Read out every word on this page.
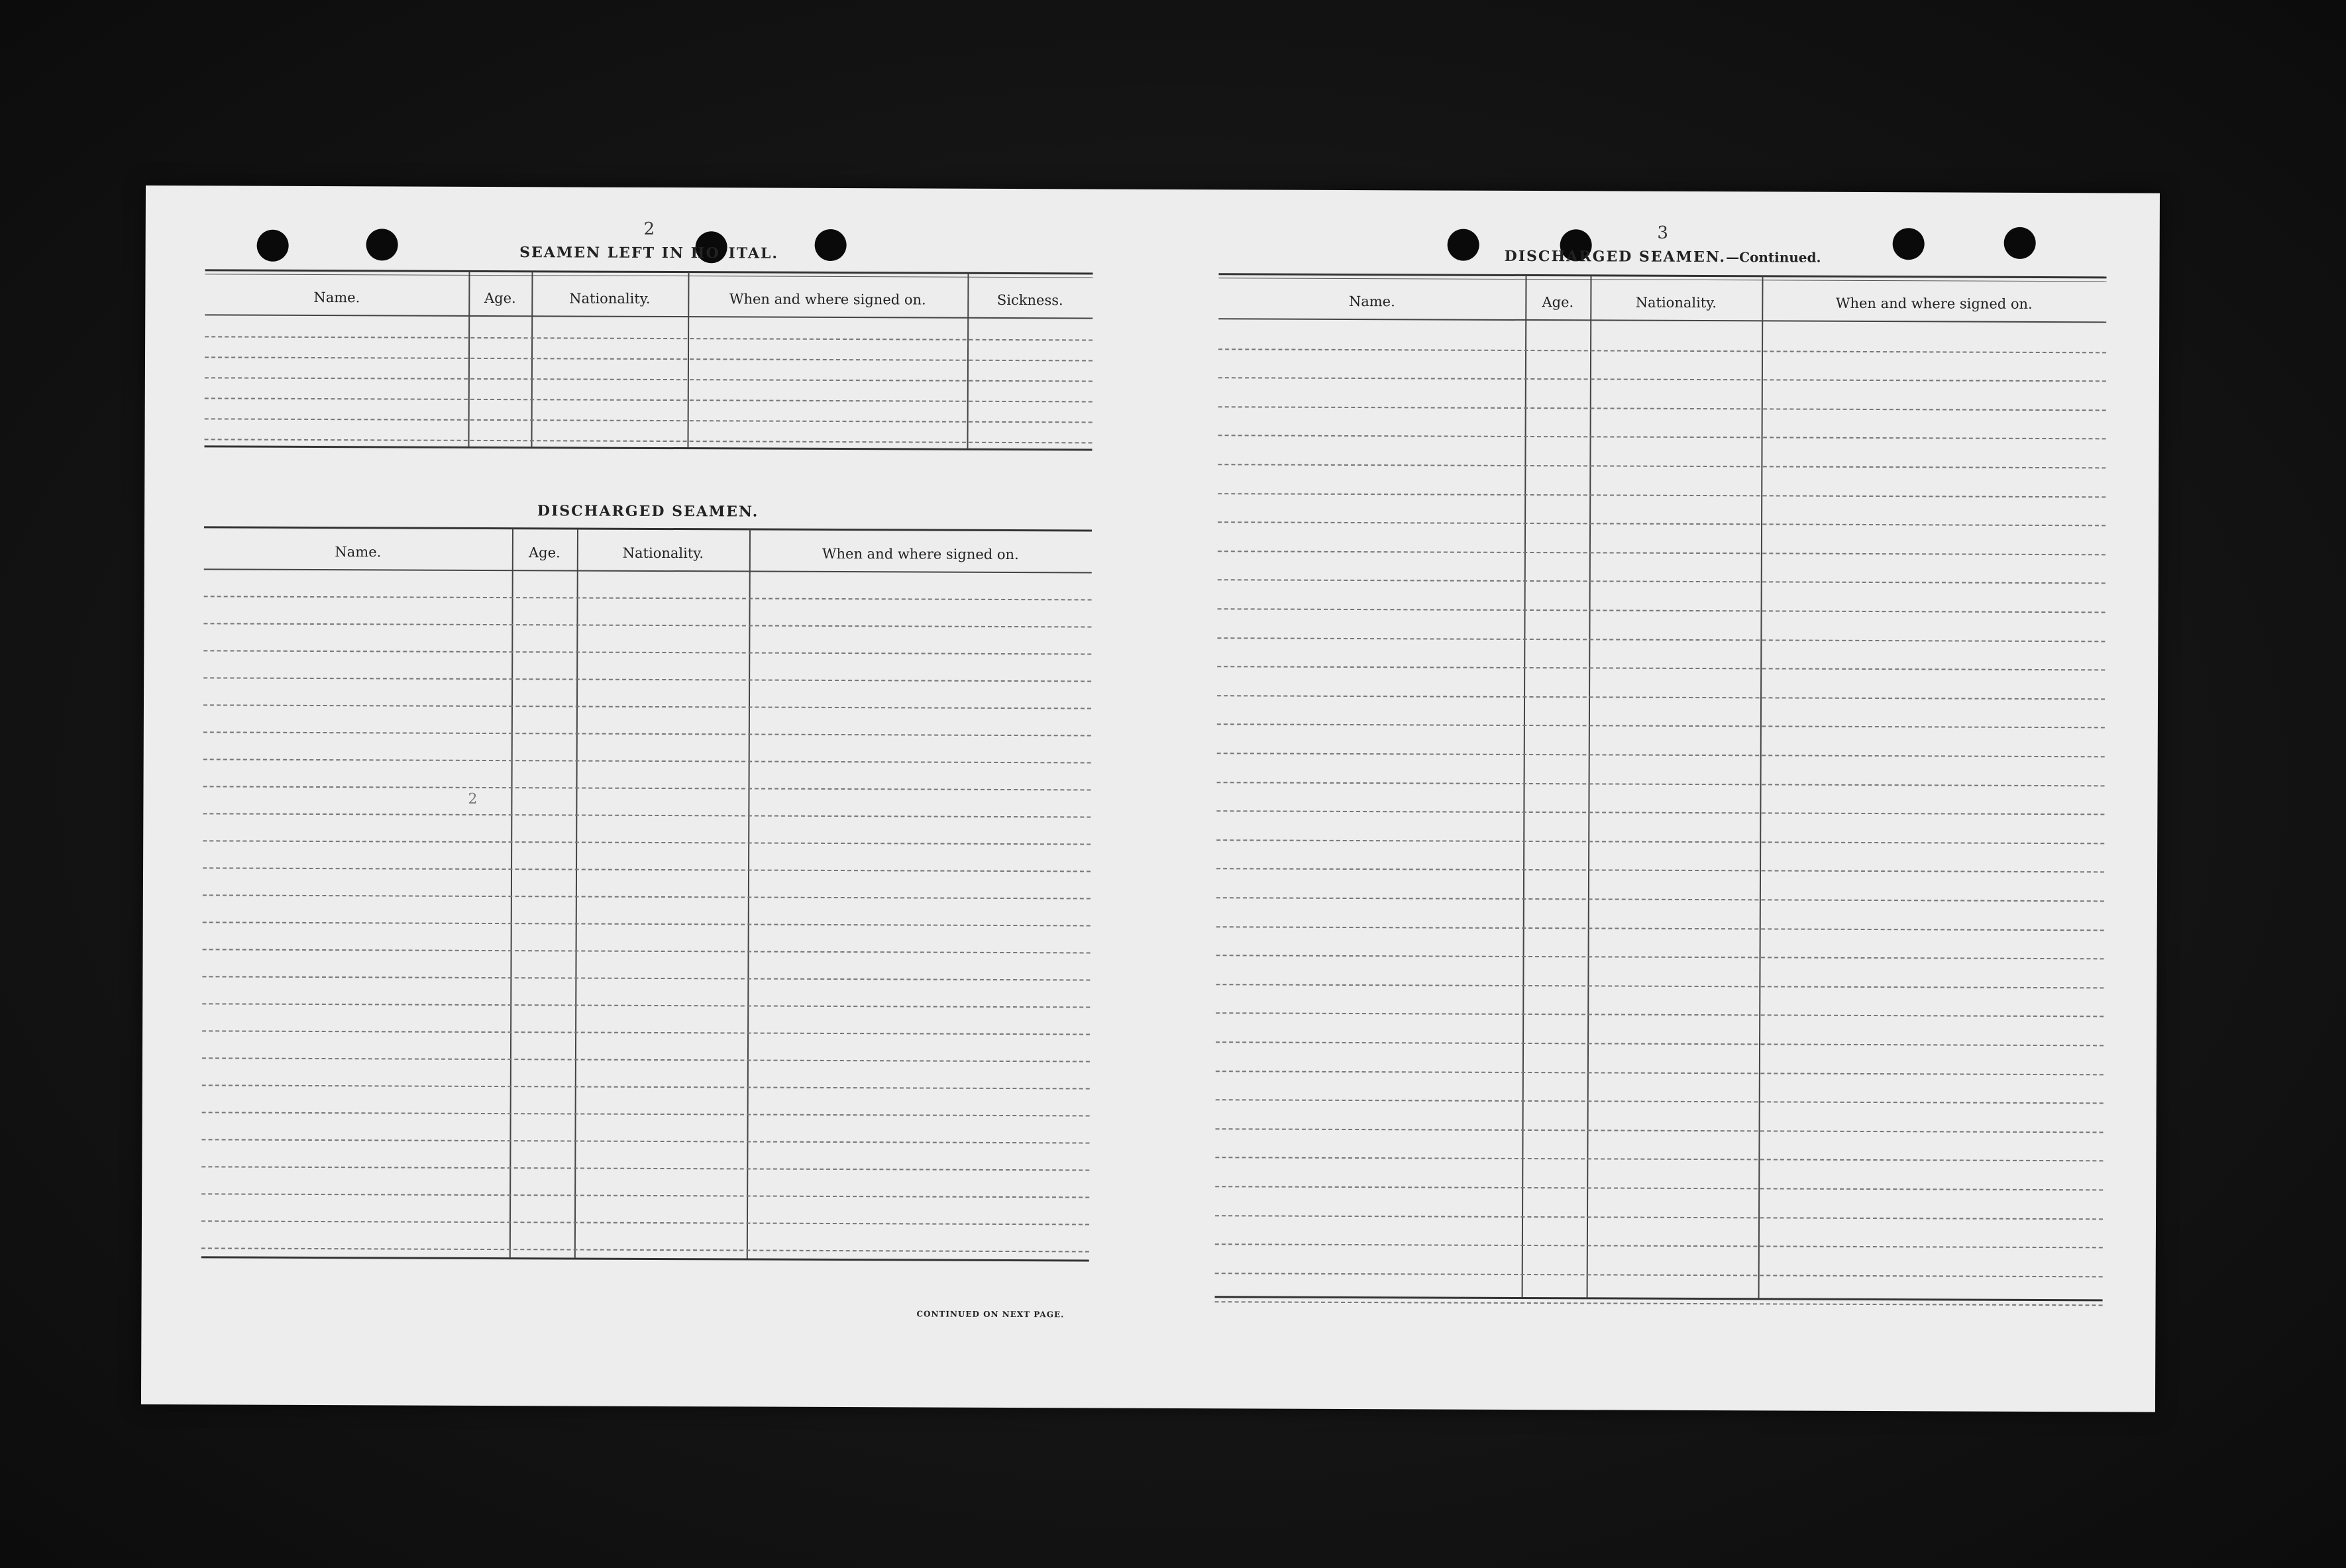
2
SEAMEN LEFT IN HO  ITAL.
Name.	Age.	Nationality.	When and where signed on.	Sickness.
DISCHARGED SEAMEN.
Name.	Age.	Nationality.	When and where signed on.
2
CONTINUED ON NEXT PAGE.
3
DISCHARGED SEAMEN.—Continued.
Name.	Age.	Nationality.	When and where signed on.
